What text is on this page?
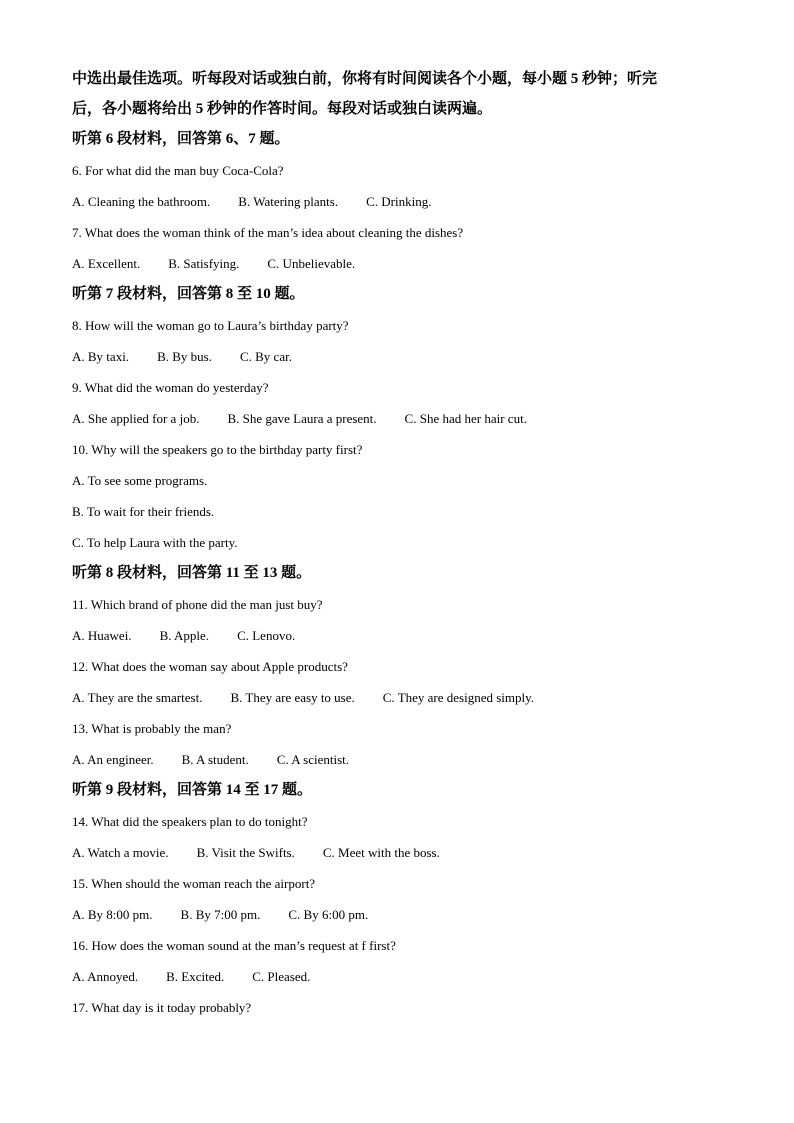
中选出最佳选项。听每段对话或独白前，你将有时间阅读各个小题，每小题 5 秒钟；听完

后，各小题将给出 5 秒钟的作答时间。每段对话或独白读两遍。

听第 6 段材料，回答第 6、7 题。

6. For what did the man buy Coca-Cola?

A. Cleaning the bathroom. B. Watering plants. C. Drinking.

7. What does the woman think of the man’s idea about cleaning the dishes?

A. Excellent. B. Satisfying. C. Unbelievable.

听第 7 段材料，回答第 8 至 10 题。

8. How will the woman go to Laura’s birthday party?

A. By taxi. B. By bus. C. By car.

9. What did the woman do yesterday?

A. She applied for a job. B. She gave Laura a present. C. She had her hair cut.

10. Why will the speakers go to the birthday party first?

A. To see some programs.

B. To wait for their friends.

C. To help Laura with the party.

听第 8 段材料，回答第 11 至 13 题。

11. Which brand of phone did the man just buy?

A. Huawei. B. Apple. C. Lenovo.

12. What does the woman say about Apple products?

A. They are the smartest. B. They are easy to use. C. They are designed simply.

13. What is probably the man?

A. An engineer. B. A student. C. A scientist.

听第 9 段材料，回答第 14 至 17 题。

14. What did the speakers plan to do tonight?

A. Watch a movie. B. Visit the Swifts. C. Meet with the boss.

15. When should the woman reach the airport?

A. By 8:00 pm. B. By 7:00 pm. C. By 6:00 pm.

16. How does the woman sound at the man’s request at f first?

A. Annoyed. B. Excited. C. Pleased.

17. What day is it today probably?
